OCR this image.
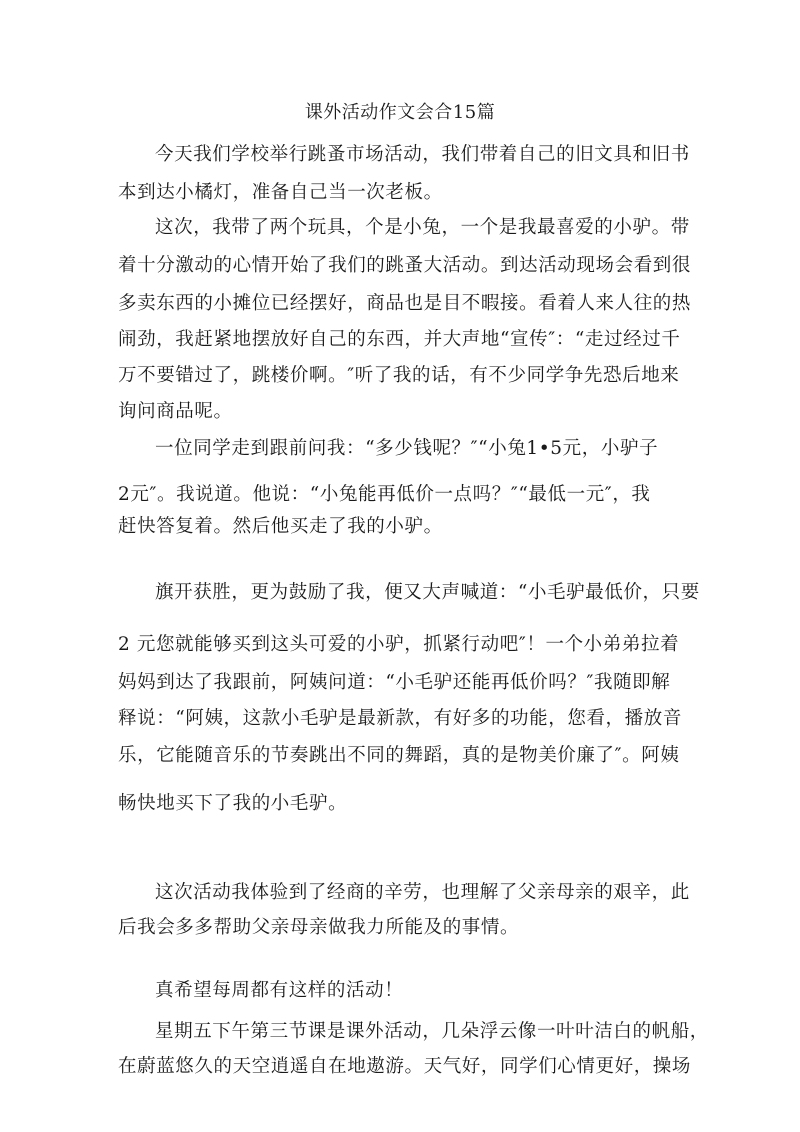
课外活动作文会合15篇
今天我们学校举行跳蚤市场活动，我们带着自己的旧文具和旧书
本到达小橘灯，准备自己当一次老板。
这次，我带了两个玩具，个是小兔，一个是我最喜爱的小驴。带
着十分激动的心情开始了我们的跳蚤大活动。到达活动现场会看到很
多卖东西的小摊位已经摆好，商品也是目不暇接。看着人来人往的热
闹劲，我赶紧地摆放好自己的东西，并大声地“宣传″：“走过经过千
万不要错过了，跳楼价啊。″听了我的话，有不少同学争先恐后地来
询问商品呢。
一位同学走到跟前问我：“多少钱呢？″“小兔1•5元，小驴子
2元″。我说道。他说：“小兔能再低价一点吗？″“最低一元″，我
赶快答复着。然后他买走了我的小驴。
旗开获胜，更为鼓励了我，便又大声喊道：“小毛驴最低价，只要
2 元您就能够买到这头可爱的小驴，抓紧行动吧″！一个小弟弟拉着
妈妈到达了我跟前，阿姨问道：“小毛驴还能再低价吗？″我随即解
释说：“阿姨，这款小毛驴是最新款，有好多的功能，您看，播放音
乐，它能随音乐的节奏跳出不同的舞蹈，真的是物美价廉了″。阿姨
畅快地买下了我的小毛驴。
这次活动我体验到了经商的辛劳，也理解了父亲母亲的艰辛，此
后我会多多帮助父亲母亲做我力所能及的事情。
真希望每周都有这样的活动！
星期五下午第三节课是课外活动，几朵浮云像一叶叶洁白的帆船，
在蔚蓝悠久的天空逍遥自在地遨游。天气好，同学们心情更好，操场
